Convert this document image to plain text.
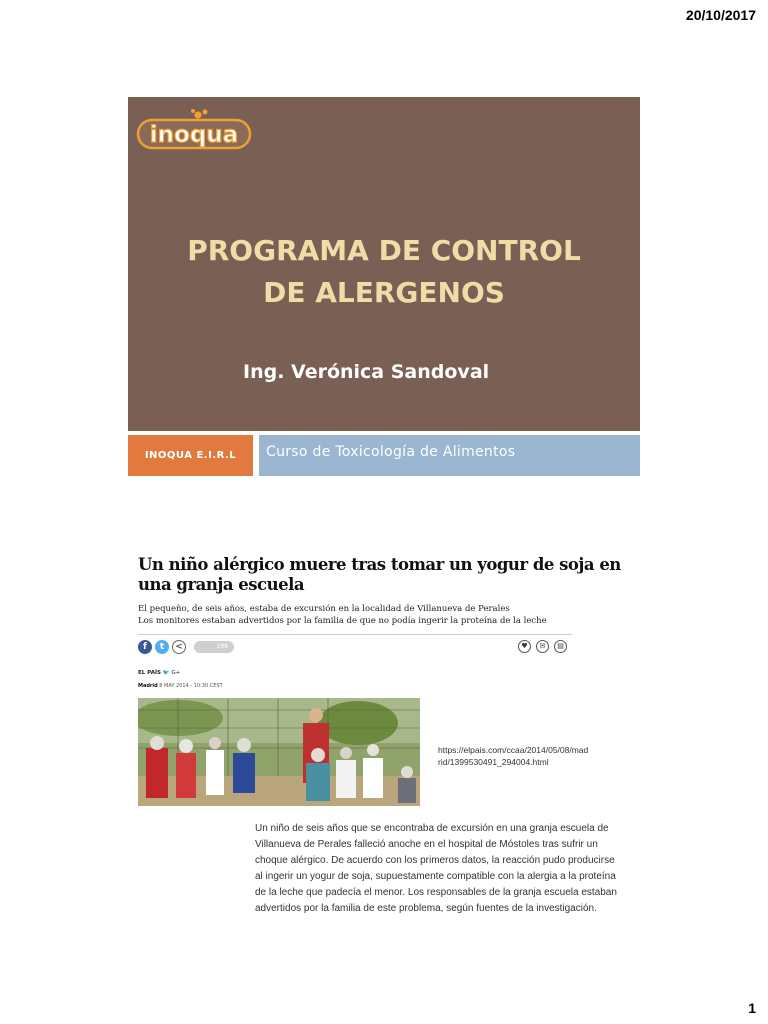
20/10/2017
inoqua
PROGRAMA DE CONTROL
DE ALERGENOS
Ing. Verónica Sandoval
INOQUA E.I.R.L	Curso de Toxicología de Alimentos
Un niño alérgico muere tras tomar un yogur de soja en
una granja escuela
El pequeño, de seis años, estaba de excursión en la localidad de Villanueva de Perales
Los monitores estaban advertidos por la familia de que no podía ingerir la proteína de la leche
f	t	<	288	♥	✉	▤
EL PAÍS 🐦 G+
Madrid 8 MAY 2014 - 10:30 CEST
https://elpais.com/ccaa/2014/05/08/mad
rid/1399530491_294004.html
Un niño de seis años que se encontraba de excursión en una granja escuela de
Villanueva de Perales falleció anoche en el hospital de Móstoles tras sufrir un
choque alérgico. De acuerdo con los primeros datos, la reacción pudo producirse
al ingerir un yogur de soja, supuestamente compatible con la alergia a la proteína
de la leche que padecía el menor. Los responsables de la granja escuela estaban
advertidos por la familia de este problema, según fuentes de la investigación.
1
